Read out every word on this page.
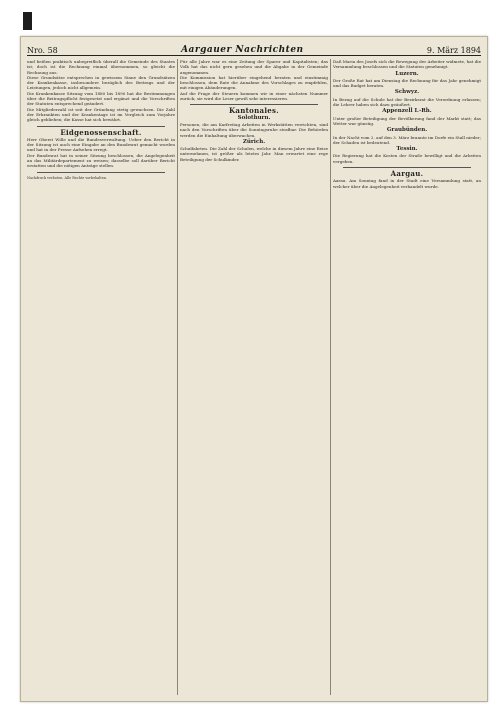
Nro. 58	Aargauer Nachrichten	9. März 1894

und beißen praktisch unbegreiflich überall die Gemeinde des Staates ist; doch ist die Rechnung einmal übernommen, so gleicht die Rechnung aus.

Diese Grundsätze entsprechen in gewissem Sinne den Grundsätzen der Krankenkasse, insbesondere bezüglich des Beitrags und der Leistungen, jedoch nicht allgemein.

Die Krankenkasse Sitzung vom 1880 bis 1890 hat die Bestimmungen über die Beitragspflicht festgesetzt und ergänzt und die Vorschriften der Statuten entsprechend geändert.

Die Mitgliederzahl ist seit der Gründung stetig gewachsen. Die Zahl der Erkrankten und der Krankentage ist im Vergleich zum Vorjahre gleich geblieben; die Kasse hat sich bewährt.

Eidgenossenschaft.

Herr Oberst Wille und die Bundesverwaltung. Ueber den Bericht in der Sitzung ist auch eine Eingabe an den Bundesrat gemacht worden und hat in der Presse Aufsehen erregt.

Der Bundesrat hat in seiner Sitzung beschlossen, die Angelegenheit an das Militärdepartement zu weisen; dasselbe soll darüber Bericht erstatten und die nötigen Anträge stellen.

Nachdruck verboten. Alle Rechte vorbehalten.

Für alle Jahre war es eine Zeitung der Sparer und Kapitalisten; das Volk hat das nicht gern gesehen und die Abgabe in der Gemeinde angenommen.

Die Kommission hat hierüber eingehend beraten und einstimmig beschlossen, dem Rate die Annahme des Vorschlages zu empfehlen, mit einigen Abänderungen.

Auf die Frage der Steuern kommen wir in einer nächsten Nummer zurück; sie wird die Leser gewiß sehr interessieren.

Kantonales.
Solothurn.

Personen, die am Karfreitag Arbeiten in Werkstätten verrichten, sind nach den Vorschriften über die Sonntagsruhe strafbar. Die Behörden werden die Einhaltung überwachen.

Zürich.

Schulfahrten. Die Zahl der Schulen, welche in diesem Jahre eine Reise unternehmen, ist größer als letztes Jahr. Man erwartet eine rege Beteiligung der Schulkinder.

Daß Maria des Josefs sich die Bewegung der Arbeiter widmete, hat die Versammlung beschlossen und die Statuten genehmigt.

Luzern.

Der Große Rat hat am Dienstag die Rechnung für das Jahr genehmigt und das Budget beraten.

Schwyz.

In Bezug auf die Schule hat der Bezirksrat die Verordnung erlassen; die Lehrer haben sich dazu geäußert.

Appenzell I.-Rh.

Unter großer Beteiligung der Bevölkerung fand der Markt statt; das Wetter war günstig.

Graubünden.

In der Nacht vom 2. auf den 3. März brannte im Dorfe ein Stall nieder; der Schaden ist bedeutend.

Tessin.

Die Regierung hat die Kosten der Straße bewilligt und die Arbeiten vergeben.

Aargau.

Aarau. Am Sonntag fand in der Stadt eine Versammlung statt, an welcher über die Angelegenheit verhandelt wurde.
